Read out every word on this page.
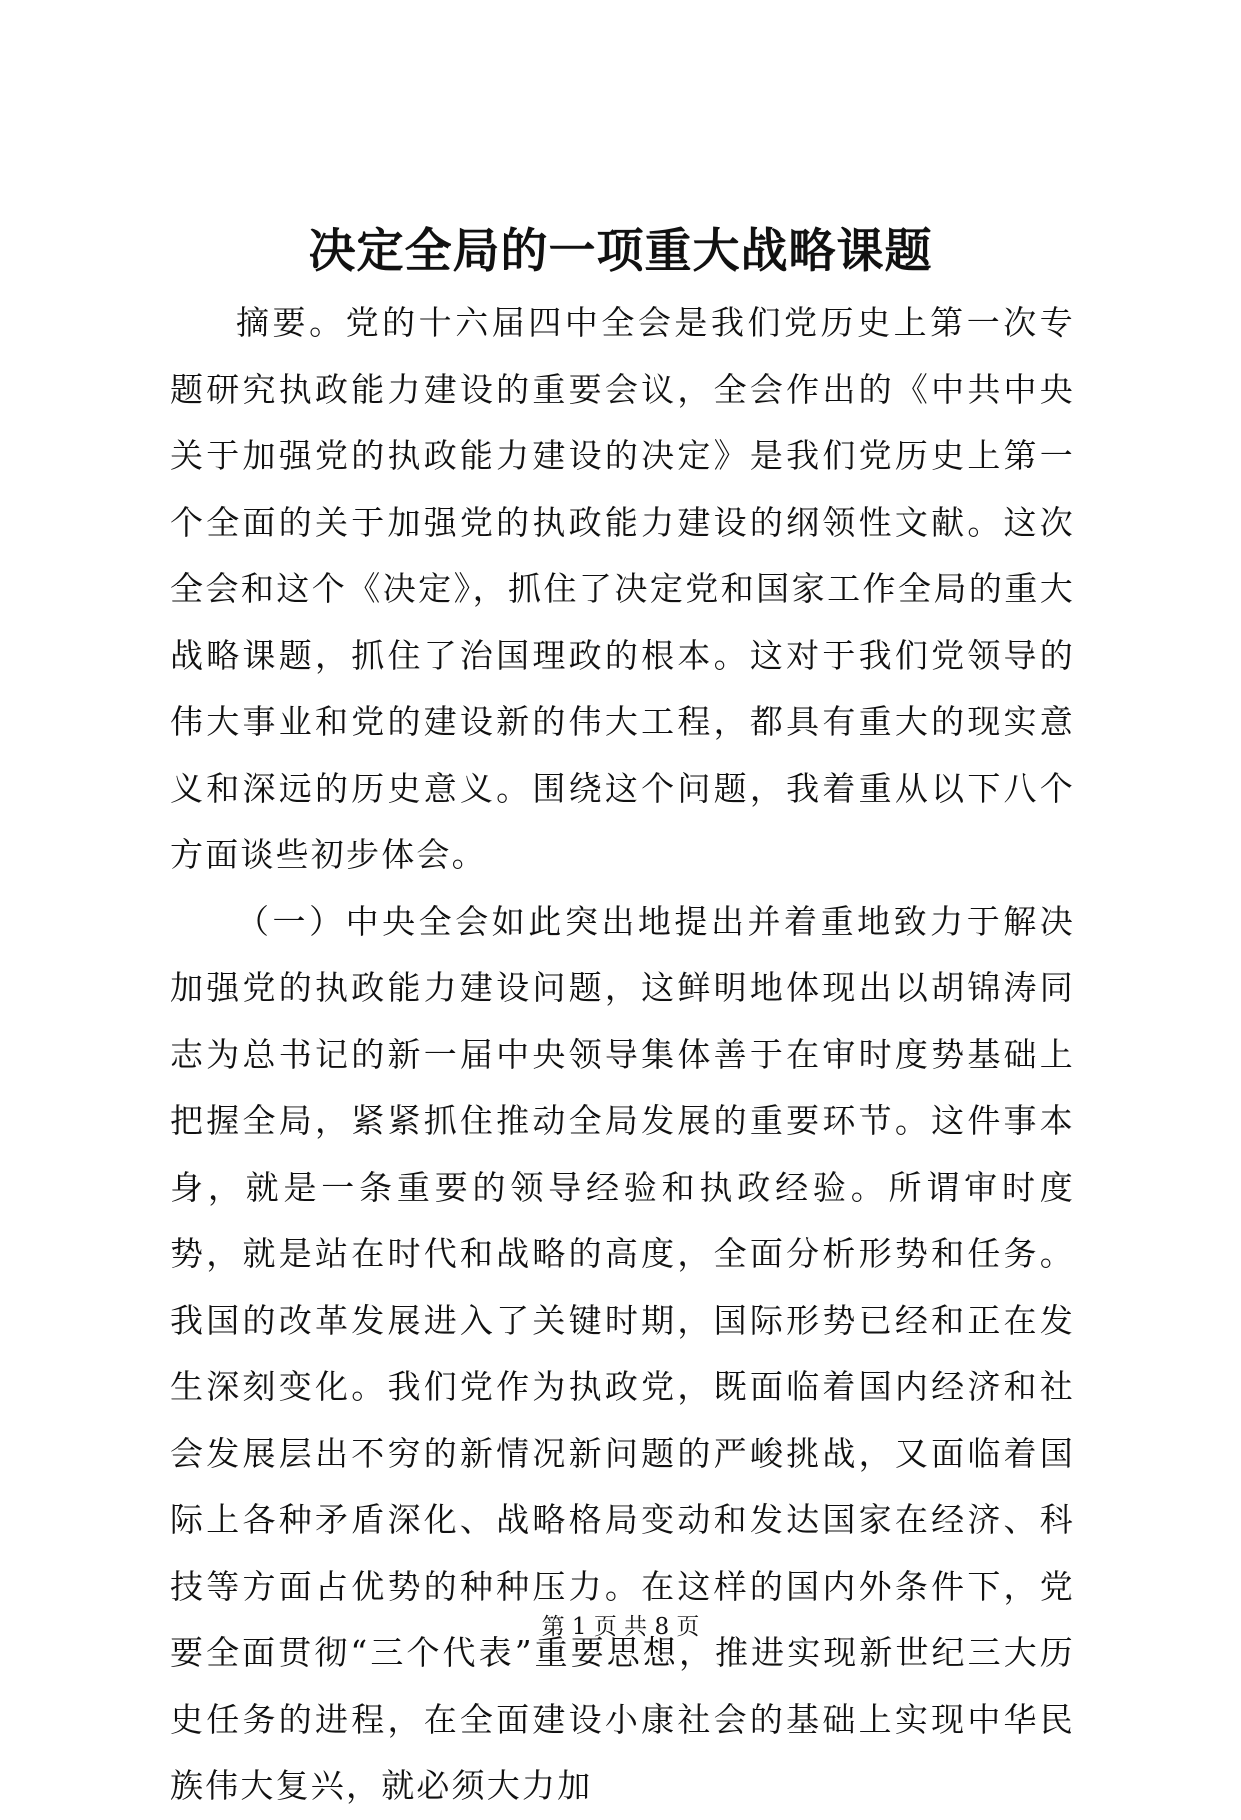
决定全局的一项重大战略课题

摘要。党的十六届四中全会是我们党历史上第一次专题研究执政能力建设的重要会议，全会作出的《中共中央关于加强党的执政能力建设的决定》是我们党历史上第一个全面的关于加强党的执政能力建设的纲领性文献。这次全会和这个《决定》，抓住了决定党和国家工作全局的重大战略课题，抓住了治国理政的根本。这对于我们党领导的伟大事业和党的建设新的伟大工程，都具有重大的现实意义和深远的历史意义。围绕这个问题，我着重从以下八个方面谈些初步体会。

（一）中央全会如此突出地提出并着重地致力于解决加强党的执政能力建设问题，这鲜明地体现出以胡锦涛同志为总书记的新一届中央领导集体善于在审时度势基础上把握全局，紧紧抓住推动全局发展的重要环节。这件事本身，就是一条重要的领导经验和执政经验。所谓审时度势，就是站在时代和战略的高度，全面分析形势和任务。我国的改革发展进入了关键时期，国际形势已经和正在发生深刻变化。我们党作为执政党，既面临着国内经济和社会发展层出不穷的新情况新问题的严峻挑战，又面临着国际上各种矛盾深化、战略格局变动和发达国家在经济、科技等方面占优势的种种压力。在这样的国内外条件下，党要全面贯彻“三个代表”重要思想，推进实现新世纪三大历史任务的进程，在全面建设小康社会的基础上实现中华民族伟大复兴，就必须大力加

第 1 页 共 8 页
